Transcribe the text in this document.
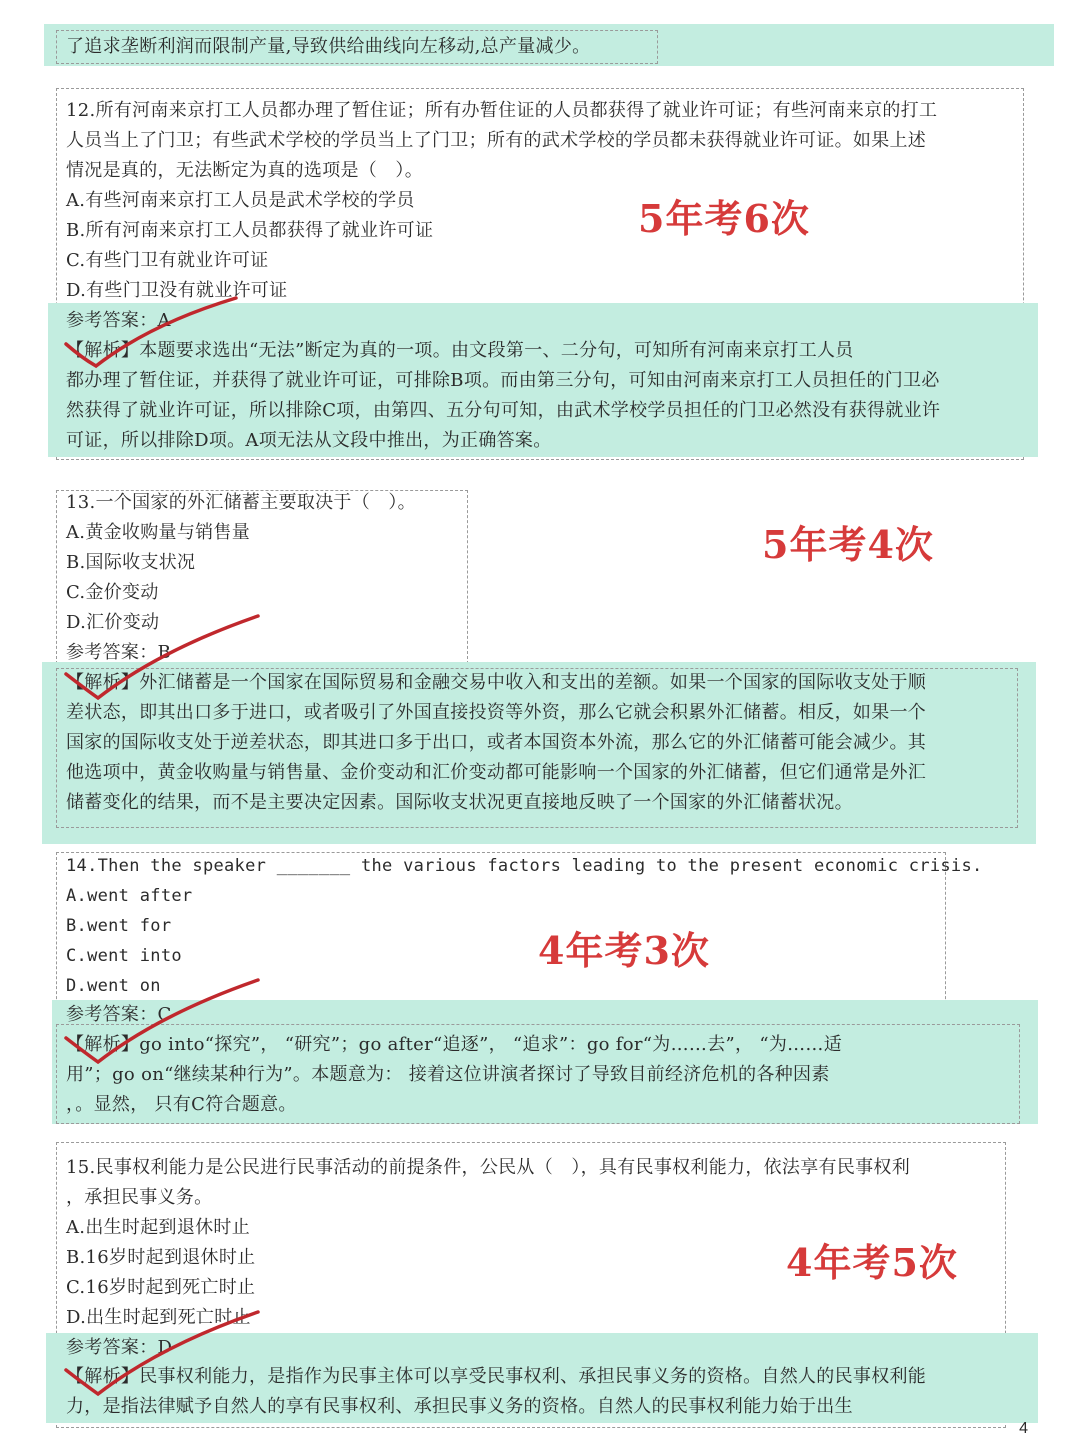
了追求垄断利润而限制产量,导致供给曲线向左移动,总产量减少。
12.所有河南来京打工人员都办理了暂住证；所有办暂住证的人员都获得了就业许可证；有些河南来京的打工
人员当上了门卫；有些武术学校的学员当上了门卫；所有的武术学校的学员都未获得就业许可证。如果上述
情况是真的，无法断定为真的选项是（　）。
A.有些河南来京打工人员是武术学校的学员
B.所有河南来京打工人员都获得了就业许可证
C.有些门卫有就业许可证
D.有些门卫没有就业许可证
参考答案：A
【解析】本题要求选出“无法”断定为真的一项。由文段第一、二分句，可知所有河南来京打工人员
都办理了暂住证，并获得了就业许可证，可排除B项。而由第三分句，可知由河南来京打工人员担任的门卫必
然获得了就业许可证，所以排除C项，由第四、五分句可知，由武术学校学员担任的门卫必然没有获得就业许
可证，所以排除D项。A项无法从文段中推出，为正确答案。
5年考6次
13.一个国家的外汇储蓄主要取决于（　）。
A.黄金收购量与销售量
B.国际收支状况
C.金价变动
D.汇价变动
参考答案：B
【解析】外汇储蓄是一个国家在国际贸易和金融交易中收入和支出的差额。如果一个国家的国际收支处于顺
差状态，即其出口多于进口，或者吸引了外国直接投资等外资，那么它就会积累外汇储蓄。相反，如果一个
国家的国际收支处于逆差状态，即其进口多于出口，或者本国资本外流，那么它的外汇储蓄可能会减少。其
他选项中，黄金收购量与销售量、金价变动和汇价变动都可能影响一个国家的外汇储蓄，但它们通常是外汇
储蓄变化的结果，而不是主要决定因素。国际收支状况更直接地反映了一个国家的外汇储蓄状况。
5年考4次
14.Then the speaker _______ the various factors leading to the present economic crisis.
A.went after
B.went for
C.went into
D.went on
参考答案：C
【解析】go into“探究”， “研究”；go after“追逐”， “追求”：go for“为……去”， “为……适
用”；go on“继续某种行为”。本题意为： 接着这位讲演者探讨了导致目前经济危机的各种因素
，。显然， 只有C符合题意。
4年考3次
15.民事权利能力是公民进行民事活动的前提条件，公民从（　），具有民事权利能力，依法享有民事权利
，承担民事义务。
A.出生时起到退休时止
B.16岁时起到退休时止
C.16岁时起到死亡时止
D.出生时起到死亡时止
参考答案：D
【解析】民事权利能力，是指作为民事主体可以享受民事权利、承担民事义务的资格。自然人的民事权利能
力，是指法律赋予自然人的享有民事权利、承担民事义务的资格。自然人的民事权利能力始于出生
4年考5次
4
